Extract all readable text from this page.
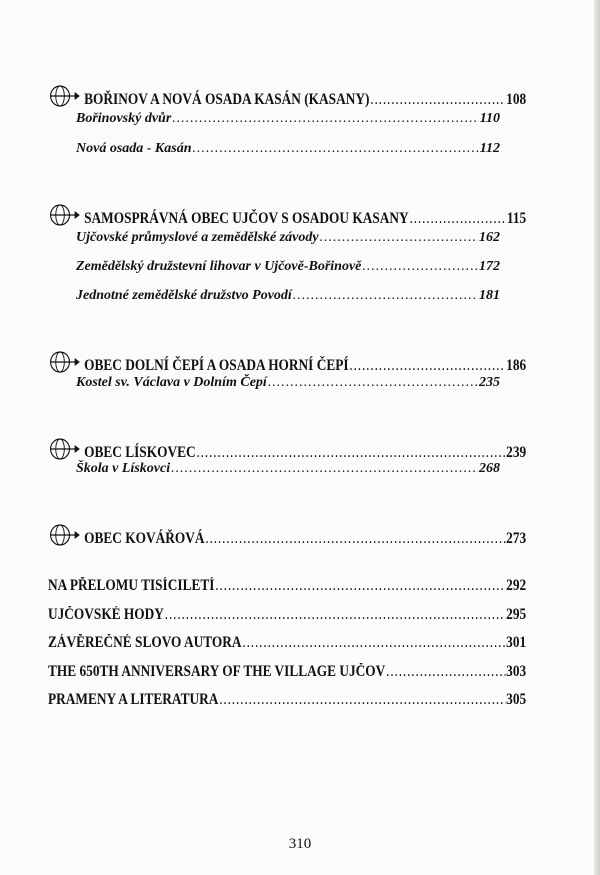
BOŘINOV A NOVÁ OSADA KASÁN (KASANY) .....	108
Bořinovský dvůr .....	110
Nová osada - Kasán .....	112
SAMOSPRÁVNÁ OBEC UJČOV S OSADOU KASANY .....	115
Ujčovské průmyslové a zemědělské závody .....	162
Zemědělský družstevní lihovar v Ujčově-Bořinově .....	172
Jednotné zemědělské družstvo Povodí .....	181
OBEC DOLNÍ ČEPÍ A OSADA HORNÍ ČEPÍ .....	186
Kostel sv. Václava v Dolním Čepí .....	235
OBEC LÍSKOVEC .....	239
Škola v Lískovci .....	268
OBEC KOVÁŘOVÁ .....	273
NA PŘELOMU TISÍCILETÍ .....	292
UJČOVSKÉ HODY .....	295
ZÁVĚREČNÉ SLOVO AUTORA .....	301
THE 650TH ANNIVERSARY OF THE VILLAGE UJČOV .....	303
PRAMENY A LITERATURA .....	305
310
